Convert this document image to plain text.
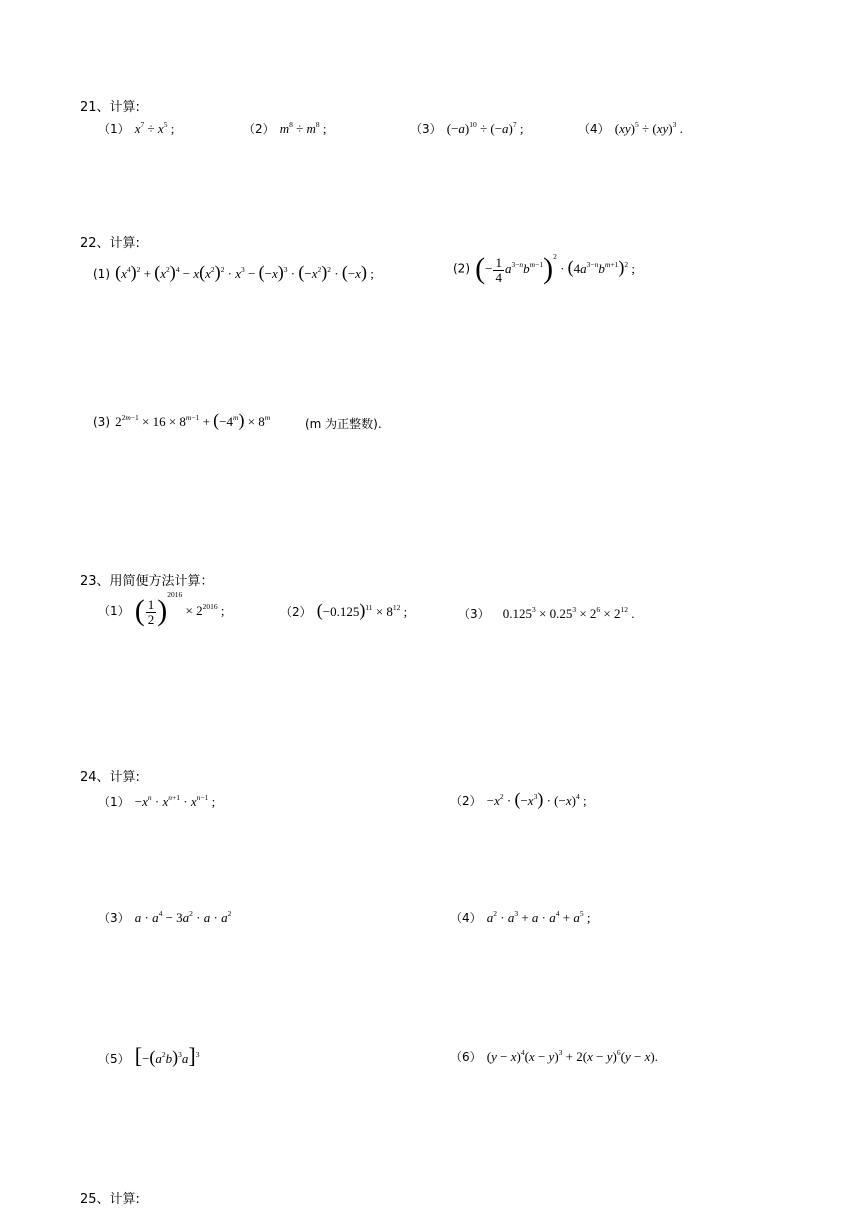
21、计算:
（1） $x^7 \div x^5$ ;	（2） $m^8 \div m^8$ ;	（3） $(-a)^{10} \div (-a)^7$ ;	（4） (xy)$^5$ ÷ (xy)$^3$ .
22、计算:
(1) $(x^4)^2 + (x^2)^4 - x(x^2)^2 \cdot x^3 - (-x)^3 \cdot (-x^2)^2 \cdot (-x)$ ;	(2) (− $\frac{1}{4} a^{3-n}b^{m-1})^2 \cdot (4a^{3-n}b^{m+1})^2$ ;
(3) $2^{2m-1} \times 16 \times 8^{m-1} + (-4^m) \times 8^m$	(m 为正整数).
23、用简便方法计算：
（1） ( $\frac{1}{2} )^{2016} \times 2^{2016}$ ;	（2） $(-0.125)^{11} \times 8^{12}$ ;	（3） $0.125^3 \times 0.25^3 \times 2^6 \times 2^{12}$ .
24、计算:
$(1) -x^n \cdot x^{n+1} \cdot x^{n-1}$ ;	$(2) -x^2 \cdot (-x^3) \cdot (-x)^4$ ;
（3） $a \cdot a^4 - 3a^2 \cdot a \cdot a^2$	（4） $a^2 \cdot a^3 + a \cdot a^4 + a^5$ ;
（5） $[-(a^2b)^3a]^3$	（6） $(y - x)^4(x - y)^3 + 2(x - y)^6(y - x)$.
25、计算:
